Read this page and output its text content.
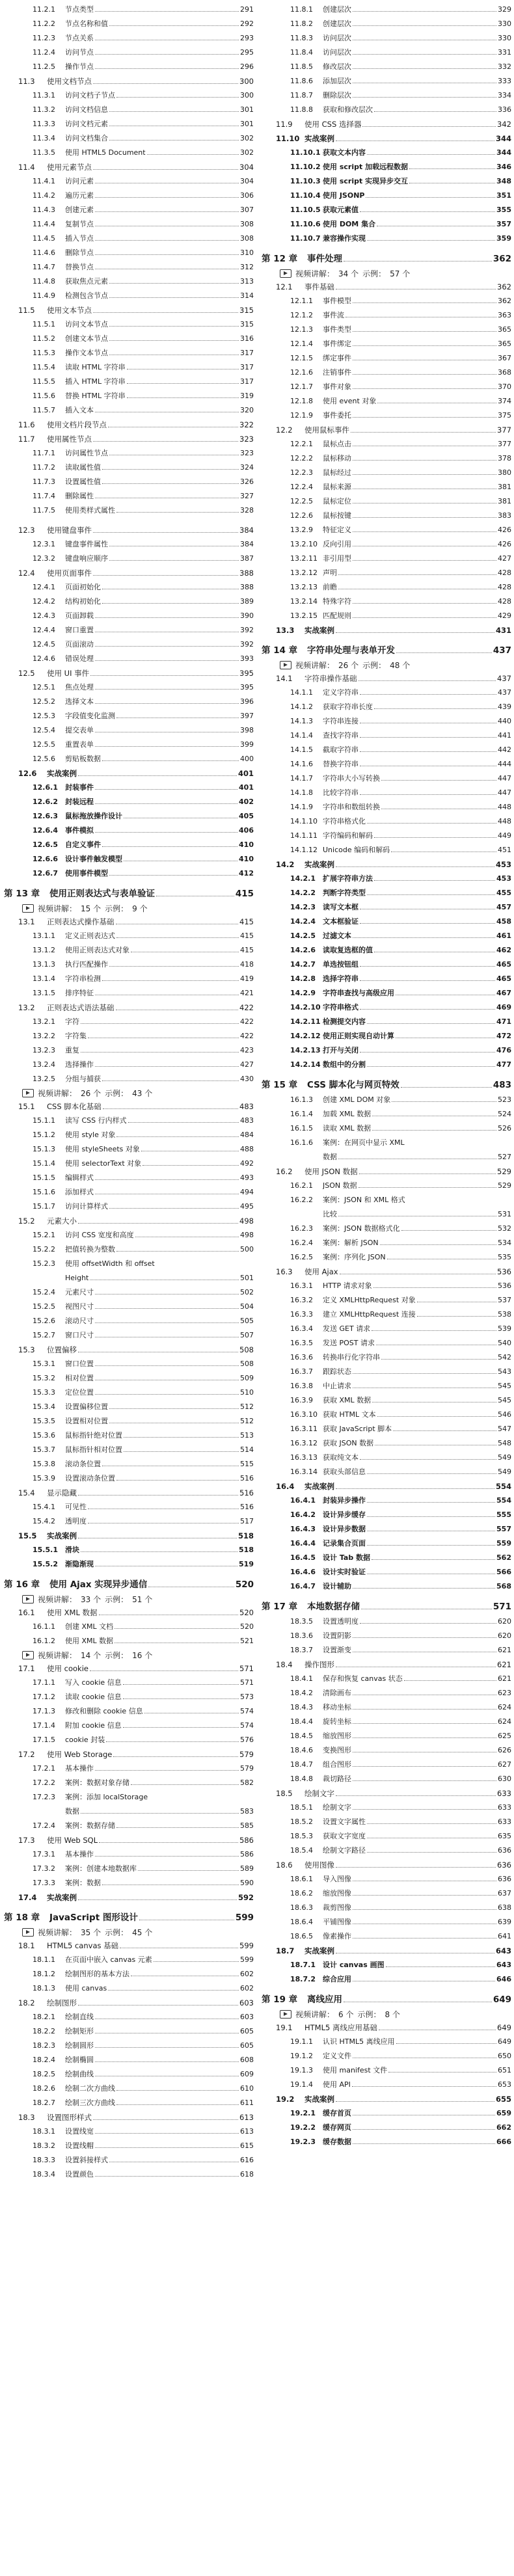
11.2.1	节点类型	291
11.2.2	节点名称和值	292
11.2.3	节点关系	293
11.2.4	访问节点	295
11.2.5	操作节点	296
11.3	使用文档节点	300
11.3.1	访问文档子节点	300
11.3.2	访问文档信息	301
11.3.3	访问文档元素	301
11.3.4	访问文档集合	302
11.3.5	使用 HTML5 Document	302
11.4	使用元素节点	304
11.4.1	访问元素	304
11.4.2	遍历元素	306
11.4.3	创建元素	307
11.4.4	复制节点	308
11.4.5	插入节点	308
11.4.6	删除节点	310
11.4.7	替换节点	312
11.4.8	获取焦点元素	313
11.4.9	检测包含节点	314
11.5	使用文本节点	315
11.5.1	访问文本节点	315
11.5.2	创建文本节点	316
11.5.3	操作文本节点	317
11.5.4	读取 HTML 字符串	317
11.5.5	插入 HTML 字符串	317
11.5.6	替换 HTML 字符串	319
11.5.7	插入文本	320
11.6	使用文档片段节点	322
11.7	使用属性节点	323
11.7.1	访问属性节点	323
11.7.2	读取属性值	324
11.7.3	设置属性值	326
11.7.4	删除属性	327
11.7.5	使用类样式属性	328
12.3	使用键盘事件	384
12.3.1	键盘事件属性	384
12.3.2	键盘响应顺序	387
12.4	使用页面事件	388
12.4.1	页面初始化	388
12.4.2	结构初始化	389
12.4.3	页面卸载	390
12.4.4	窗口重置	392
12.4.5	页面滚动	392
12.4.6	错误处理	393
12.5	使用 UI 事件	395
12.5.1	焦点处理	395
12.5.2	选择文本	396
12.5.3	字段值变化监测	397
12.5.4	提交表单	398
12.5.5	重置表单	399
12.5.6	剪贴板数据	400
12.6	实战案例	401
12.6.1	封装事件	401
12.6.2	封装远程	402
12.6.3	鼠标拖放操作设计	405
12.6.4	事件模拟	406
12.6.5	自定义事件	410
12.6.6	设计事件触发模型	410
12.6.7	使用事件模型	412
第 13 章	使用正则表达式与表单验证	415
视频讲解： 15 个 示例： 9 个
13.1	正则表达式操作基础	415
13.1.1	定义正则表达式	415
13.1.2	使用正则表达式对象	415
13.1.3	执行匹配操作	418
13.1.4	字符串检测	419
13.1.5	排序特征	421
13.2	正则表达式语法基础	422
13.2.1	字符	422
13.2.2	字符集	422
13.2.3	重复	423
13.2.4	选择操作	427
13.2.5	分组与捕获	430
视频讲解： 26 个 示例： 43 个
15.1	CSS 脚本化基础	483
15.1.1	读写 CSS 行内样式	483
15.1.2	使用 style 对象	484
15.1.3	使用 styleSheets 对象	488
15.1.4	使用 selectorText 对象	492
15.1.5	编辑样式	493
15.1.6	添加样式	494
15.1.7	访问计算样式	495
15.2	元素大小	498
15.2.1	访问 CSS 宽度和高度	498
15.2.2	把值转换为整数	500
15.2.3	使用 offsetWidth 和 offset
Height	501
15.2.4	元素尺寸	502
15.2.5	视图尺寸	504
15.2.6	滚动尺寸	505
15.2.7	窗口尺寸	507
15.3	位置偏移	508
15.3.1	窗口位置	508
15.3.2	相对位置	509
15.3.3	定位位置	510
15.3.4	设置偏移位置	512
15.3.5	设置相对位置	512
15.3.6	鼠标指针绝对位置	513
15.3.7	鼠标指针相对位置	514
15.3.8	滚动条位置	515
15.3.9	设置滚动条位置	516
15.4	显示隐藏	516
15.4.1	可见性	516
15.4.2	透明度	517
15.5	实战案例	518
15.5.1	滑块	518
15.5.2	渐隐渐现	519
第 16 章	使用 Ajax 实现异步通信	520
视频讲解： 33 个 示例： 51 个
16.1	使用 XML 数据	520
16.1.1	创建 XML 文档	520
16.1.2	使用 XML 数据	521
视频讲解： 14 个 示例： 16 个
17.1	使用 cookie	571
17.1.1	写入 cookie 信息	571
17.1.2	读取 cookie 信息	573
17.1.3	修改和删除 cookie 信息	574
17.1.4	附加 cookie 信息	574
17.1.5	cookie 封装	576
17.2	使用 Web Storage	579
17.2.1	基本操作	579
17.2.2	案例：数据对象存储	582
17.2.3	案例：添加 localStorage
数据	583
17.2.4	案例：数据存储	585
17.3	使用 Web SQL	586
17.3.1	基本操作	586
17.3.2	案例：创建本地数据库	589
17.3.3	案例：数据	590
17.4	实战案例	592
第 18 章	JavaScript 图形设计	599
视频讲解： 35 个 示例： 45 个
18.1	HTML5 canvas 基础	599
18.1.1	在页面中嵌入 canvas 元素	599
18.1.2	绘制图形的基本方法	602
18.1.3	使用 canvas	602
18.2	绘制图形	603
18.2.1	绘制直线	603
18.2.2	绘制矩形	605
18.2.3	绘制圆形	605
18.2.4	绘制椭圆	608
18.2.5	绘制曲线	609
18.2.6	绘制二次方曲线	610
18.2.7	绘制三次方曲线	611
18.3	设置图形样式	613
18.3.1	设置线宽	613
18.3.2	设置线帽	615
18.3.3	设置斜接样式	616
18.3.4	设置颜色	618
11.8.1	创建层次	329
11.8.2	创建层次	330
11.8.3	访问层次	330
11.8.4	访问层次	331
11.8.5	修改层次	332
11.8.6	添加层次	333
11.8.7	删除层次	334
11.8.8	获取和修改层次	336
11.9	使用 CSS 选择器	342
11.10 实战案例	344
11.10.1 获取文本内容	344
11.10.2 使用 script 加载远程数据	346
11.10.3 使用 script 实现异步交互	348
11.10.4 使用 JSONP	351
11.10.5 获取元素值	355
11.10.6 使用 DOM 集合	357
11.10.7 兼容操作实现	359
第 12 章	事件处理	362
视频讲解： 34 个 示例： 57 个
12.1	事件基础	362
12.1.1	事件模型	362
12.1.2	事件流	363
12.1.3	事件类型	365
12.1.4	事件绑定	365
12.1.5	绑定事件	367
12.1.6	注销事件	368
12.1.7	事件对象	370
12.1.8	使用 event 对象	374
12.1.9	事件委托	375
12.2	使用鼠标事件	377
12.2.1	鼠标点击	377
12.2.2	鼠标移动	378
12.2.3	鼠标经过	380
12.2.4	鼠标来源	381
12.2.5	鼠标定位	381
12.2.6	鼠标按键	383
13.2.9	特征定义	426
13.2.10 反向引用	426
13.2.11 非引用型	427
13.2.12 声明	428
13.2.13 前瞻	428
13.2.14 特殊字符	428
13.2.15 匹配规则	429
13.3	实战案例	431
第 14 章	字符串处理与表单开发	437
视频讲解： 26 个 示例： 48 个
14.1	字符串操作基础	437
14.1.1	定义字符串	437
14.1.2	获取字符串长度	439
14.1.3	字符串连接	440
14.1.4	查找字符串	441
14.1.5	截取字符串	442
14.1.6	替换字符串	444
14.1.7	字符串大小写转换	447
14.1.8	比较字符串	447
14.1.9	字符串和数组转换	448
14.1.10 字符串格式化	448
14.1.11 字符编码和解码	449
14.1.12 Unicode 编码和解码	451
14.2	实战案例	453
14.2.1	扩展字符串方法	453
14.2.2	判断字符类型	455
14.2.3	读写文本框	457
14.2.4	文本框验证	458
14.2.5	过滤文本	461
14.2.6	读取复选框的值	462
14.2.7	单选按钮组	465
14.2.8	选择字符串	465
14.2.9	字符串查找与高级应用	467
14.2.10 字符串格式	469
14.2.11 检测提交内容	471
14.2.12 使用正则实现自动计算	472
14.2.13 打开与关闭	476
14.2.14 数组中的分割	477
第 15 章	CSS 脚本化与网页特效	483
16.1.3	创建 XML DOM 对象	523
16.1.4	加载 XML 数据	524
16.1.5	读取 XML 数据	526
16.1.6	案例：在网页中显示 XML
数据	527
16.2	使用 JSON 数据	529
16.2.1	JSON 数据	529
16.2.2	案例：JSON 和 XML 格式
比较	531
16.2.3	案例：JSON 数据格式化	532
16.2.4	案例：解析 JSON	534
16.2.5	案例：序列化 JSON	535
16.3	使用 Ajax	536
16.3.1	HTTP 请求对象	536
16.3.2	定义 XMLHttpRequest 对象	537
16.3.3	建立 XMLHttpRequest 连接	538
16.3.4	发送 GET 请求	539
16.3.5	发送 POST 请求	540
16.3.6	转换串行化字符串	542
16.3.7	跟踪状态	543
16.3.8	中止请求	545
16.3.9	获取 XML 数据	545
16.3.10 获取 HTML 文本	546
16.3.11 获取 JavaScript 脚本	547
16.3.12 获取 JSON 数据	548
16.3.13 获取纯文本	549
16.3.14 获取头部信息	549
16.4	实战案例	554
16.4.1	封装异步操作	554
16.4.2	设计异步缓存	555
16.4.3	设计异步数据	557
16.4.4	记录集合页面	559
16.4.5	设计 Tab 数据	562
16.4.6	设计实时验证	566
16.4.7	设计辅助	568
第 17 章	本地数据存储	571
18.3.5	设置透明度	620
18.3.6	设置阴影	620
18.3.7	设置渐变	621
18.4	操作图形	621
18.4.1	保存和恢复 canvas 状态	621
18.4.2	清除画布	623
18.4.3	移动坐标	624
18.4.4	旋转坐标	624
18.4.5	缩放图形	625
18.4.6	变换图形	626
18.4.7	组合图形	627
18.4.8	裁切路径	630
18.5	绘制文字	633
18.5.1	绘制文字	633
18.5.2	设置文字属性	633
18.5.3	获取文字宽度	635
18.5.4	绘制文字路径	636
18.6	使用图像	636
18.6.1	导入图像	636
18.6.2	缩放图像	637
18.6.3	裁剪图像	638
18.6.4	平铺图像	639
18.6.5	像素操作	641
18.7	实战案例	643
18.7.1	设计 canvas 画图	643
18.7.2	综合应用	646
第 19 章	离线应用	649
视频讲解： 6 个 示例： 8 个
19.1	HTML5 离线应用基础	649
19.1.1	认识 HTML5 离线应用	649
19.1.2	定义文件	650
19.1.3	使用 manifest 文件	651
19.1.4	使用 API	653
19.2	实战案例	655
19.2.1	缓存首页	659
19.2.2	缓存网页	662
19.2.3	缓存数据	666
